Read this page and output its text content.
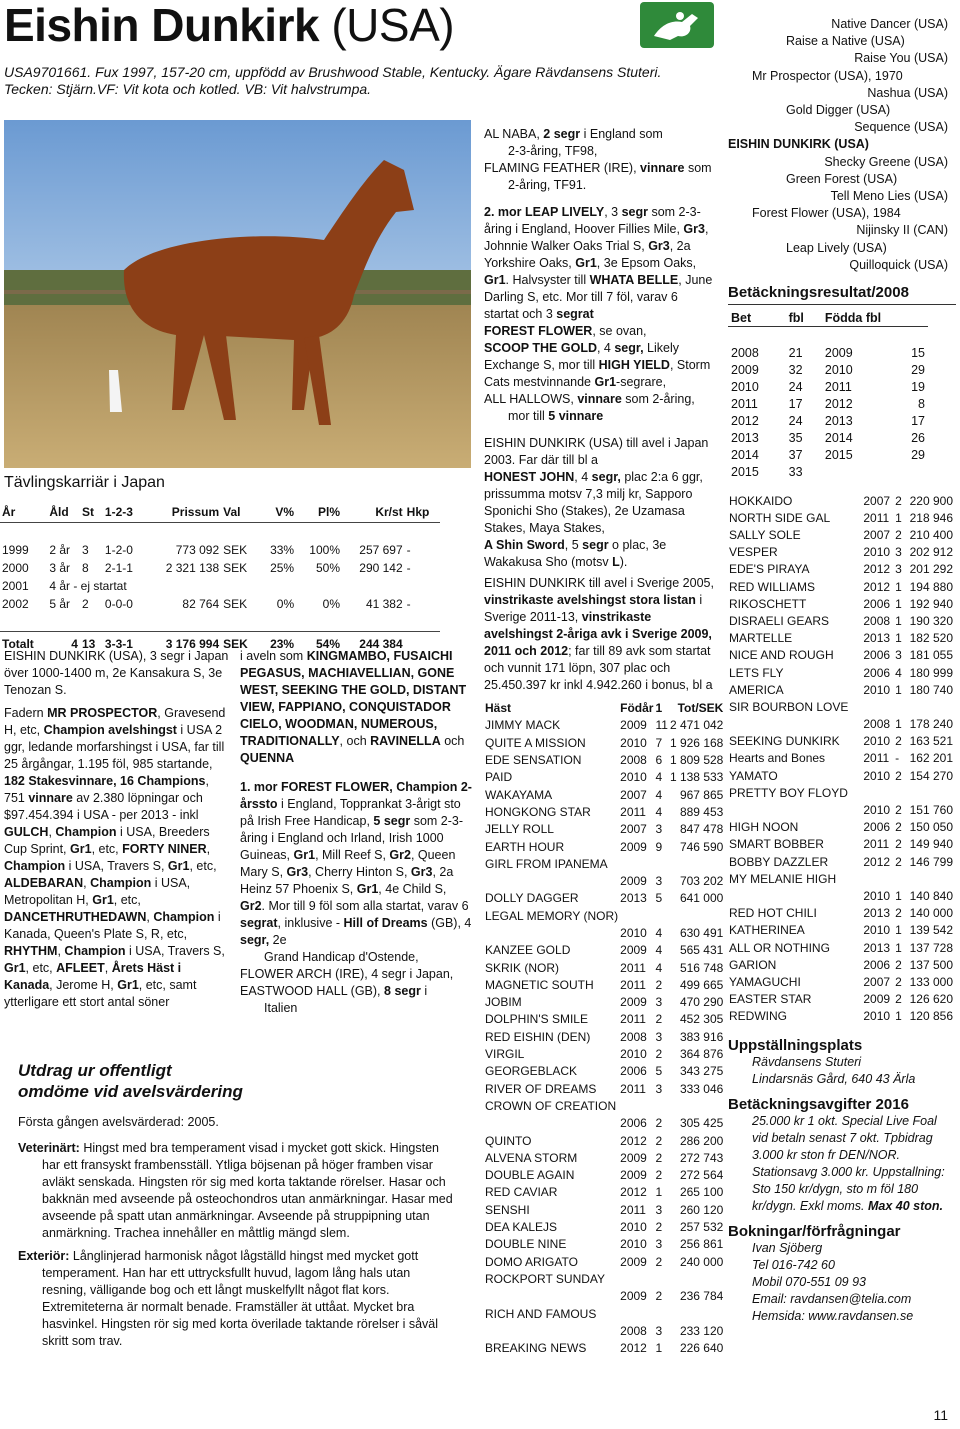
Eishin Dunkirk (USA)
USA9701661. Fux 1997, 157-20 cm, uppfödd av Brushwood Stable, Kentucky. Ägare Rävdansens Stuteri.
Tecken: Stjärn.VF: Vit kota och kotled. VB: Vit halvstrumpa.
Tävlingskarriär i Japan
År	Åld	St	1-2-3	Prissum	Val	V%	Pl%	Kr/st	Hkp

1999	2 år	3	1-2-0	773 092	SEK	33%	100%	257 697	-
2000	3 år	8	2-1-1	2 321 138	SEK	25%	50%	290 142	-
2001	4 år - ej startat								
2002	5 år	2	0-0-0	82 764	SEK	0%	0%	41 382	-

Totalt	4	13	3-3-1	3 176 994	SEK	23%	54%	244 384	
EISHIN DUNKIRK (USA), 3 segr i Japan över 1000-1400 m, 2e Kansakura S, 3e Tenozan S.
Fadern MR PROSPECTOR, Gravesend H, etc, Champion avelshingst i USA 2 ggr, ledande morfarshingst i USA, far till 25 årgångar, 1.195 föl, 985 startande, 182 Stakesvinnare, 16 Champions, 751 vinnare av 2.380 löpningar och $97.454.394 i USA - per 2013 - inkl GULCH, Champion i USA, Breeders Cup Sprint, Gr1, etc, FORTY NINER, Champion i USA, Travers S, Gr1, etc, ALDEBARAN, Champion i USA, Metropolitan H, Gr1, etc, DANCETHRUTHEDAWN, Champion i Kanada, Queen's Plate S, R, etc, RHYTHM, Champion i USA, Travers S, Gr1, etc, AFLEET, Årets Häst i Kanada, Jerome H, Gr1, etc, samt ytterligare ett stort antal söner
i aveln som KINGMAMBO, FUSAICHI PEGASUS, MACHIAVELLIAN, GONE WEST, SEEKING THE GOLD, DISTANT VIEW, FAPPIANO, CONQUISTADOR CIELO, WOODMAN, NUMEROUS, TRADITIONALLY, och RAVINELLA och QUENNA
1. mor FOREST FLOWER, Champion 2-årssto i England, Topprankat 3-årigt sto på Irish Free Handicap, 5 segr som 2-3-åring i England och Irland, Irish 1000 Guineas, Gr1, Mill Reef S, Gr2, Queen Mary S, Gr3, Cherry Hinton S, Gr3, 2a Heinz 57 Phoenix S, Gr1, 4e Child S, Gr2. Mor till 9 föl som alla startat, varav 6 segrat, inklusive - Hill of Dreams (GB), 4 segr, 2e
Grand Handicap d'Ostende,
FLOWER ARCH (IRE), 4 segr i Japan,
EASTWOOD HALL (GB), 8 segr i
Italien
AL NABA, 2 segr i England som
2-3-åring, TF98,
FLAMING FEATHER (IRE), vinnare som
2-åring, TF91.
2. mor LEAP LIVELY, 3 segr som 2-3-åring i England, Hoover Fillies Mile, Gr3, Johnnie Walker Oaks Trial S, Gr3, 2a Yorkshire Oaks, Gr1, 3e Epsom Oaks, Gr1. Halvsyster till WHATA BELLE, June Darling S, etc. Mor till 7 föl, varav 6 startat och 3 segrat
FOREST FLOWER, se ovan,
SCOOP THE GOLD, 4 segr, Likely Exchange S, mor till HIGH YIELD, Storm Cats mestvinnande Gr1-segrare,
ALL HALLOWS, vinnare som 2-åring,
mor till 5 vinnare
EISHIN DUNKIRK (USA) till avel i Japan 2003. Far där till bl a
HONEST JOHN, 4 segr, plac 2:a 6 ggr, prissumma motsv 7,3 milj kr, Sapporo Sponichi Sho (Stakes), 2e Uzamasa Stakes, Maya Stakes,
A Shin Sword, 5 segr o plac, 3e Wakakusa Sho (motsv L).
EISHIN DUNKIRK till avel i Sverige 2005, vinstrikaste avelshingst stora listan i Sverige 2011-13, vinstrikaste avelshingst 2-åriga avk i Sverige 2009, 2011 och 2012; far till 89 avk som startat och vunnit 171 löpn, 307 plac och 25.450.397 kr inkl 4.942.260 i bonus, bl a
Häst	Födår	1	Tot/SEK
JIMMY MACK	2009	11	2 471 042
QUITE A MISSION	2010	7	1 926 168
EDE SENSATION	2008	6	1 809 528
PAID	2010	4	1 138 533
WAKAYAMA	2007	4	967 865
HONGKONG STAR	2011	4	889 453
JELLY ROLL	2007	3	847 478
EARTH HOUR	2009	9	746 590
GIRL FROM IPANEMA			
	2009	3	703 202
DOLLY DAGGER	2013	5	641 000
LEGAL MEMORY (NOR)			
	2010	4	630 491
KANZEE GOLD	2009	4	565 431
SKRIK (NOR)	2011	4	516 748
MAGNETIC SOUTH	2011	2	499 665
JOBIM	2009	3	470 290
DOLPHIN'S SMILE	2011	2	452 305
RED EISHIN (DEN)	2008	3	383 916
VIRGIL	2010	2	364 876
GEORGEBLACK	2006	5	343 275
RIVER OF DREAMS	2011	3	333 046
CROWN OF CREATION			
	2006	2	305 425
QUINTO	2012	2	286 200
ALVENA STORM	2009	2	272 743
DOUBLE AGAIN	2009	2	272 564
RED CAVIAR	2012	1	265 100
SENSHI	2011	3	260 120
DEA KALEJS	2010	2	257 532
DOUBLE NINE	2010	3	256 861
DOMO ARIGATO	2009	2	240 000
ROCKPORT SUNDAY			
	2009	2	236 784
RICH AND FAMOUS			
	2008	3	233 120
BREAKING NEWS	2012	1	226 640
Native Dancer (USA)
Raise a Native (USA)
Raise You (USA)
Mr Prospector (USA), 1970
Nashua (USA)
Gold Digger (USA)
Sequence (USA)
EISHIN DUNKIRK (USA)
Shecky Greene (USA)
Green Forest (USA)
Tell Meno Lies (USA)
Forest Flower (USA), 1984
Nijinsky II (CAN)
Leap Lively (USA)
Quilloquick (USA)
Betäckningsresultat/2008
Bet	fbl	Födda fbl	

2008	21	2009	15
2009	32	2010	29
2010	24	2011	19
2011	17	2012	8
2012	24	2013	17
2013	35	2014	26
2014	37	2015	29
2015	33		
HOKKAIDO	2007	2	220 900
NORTH SIDE GAL	2011	1	218 946
SALLY SOLE	2007	2	210 400
VESPER	2010	3	202 912
EDE'S PIRAYA	2012	3	201 292
RED WILLIAMS	2012	1	194 880
RIKOSCHETT	2006	1	192 940
DISRAELI GEARS	2008	1	190 320
MARTELLE	2013	1	182 520
NICE AND ROUGH	2006	3	181 055
LETS FLY	2006	4	180 999
AMERICA	2010	1	180 740
SIR BOURBON LOVE			
	2008	1	178 240
SEEKING DUNKIRK	2010	2	163 521
Hearts and Bones	2011	-	162 201
YAMATO	2010	2	154 270
PRETTY BOY FLOYD			
	2010	2	151 760
HIGH NOON	2006	2	150 050
SMART BOBBER	2011	2	149 940
BOBBY DAZZLER	2012	2	146 799
MY MELANIE HIGH			
	2010	1	140 840
RED HOT CHILI	2013	2	140 000
KATHERINEA	2010	1	139 542
ALL OR NOTHING	2013	1	137 728
GARION	2006	2	137 500
YAMAGUCHI	2007	2	133 000
EASTER STAR	2009	2	126 620
REDWING	2010	1	120 856
Uppställningsplats
Rävdansens Stuteri
Lindarsnäs Gård, 640 43 Ärla
Betäckningsavgifter 2016
25.000 kr 1 okt. Special Live Foal vid betaln senast 7 okt. Tpbidrag 3.000 kr ston fr DEN/NOR. Stationsavg 3.000 kr. Uppstallning: Sto 150 kr/dygn, sto m föl 180 kr/dygn. Exkl moms. Max 40 ston.
Bokningar/förfrågningar
Ivan Sjöberg
Tel 016-742 60
Mobil 070-551 09 93
Email: ravdansen@telia.com
Hemsida: www.ravdansen.se
Utdrag ur offentligt
omdöme vid avelsvärdering
Första gången avelsvärderad: 2005.

Veterinärt: Hingst med bra temperament visad i mycket gott skick. Hingsten har ett fransyskt frambensställ. Ytliga böjsenan på höger framben visar avläkt senskada. Hingsten rör sig med korta taktande rörelser. Hasar och bakknän med avseende på osteochondros utan anmärkningar. Hasar med avseende på spatt utan anmärkningar. Avseende på struppipning utan anmärkning. Trachea innehåller en måttlig mängd slem.

Exteriör: Långlinjerad harmonisk något lågställd hingst med mycket gott temperament. Han har ett uttrycksfullt huvud, lagom lång hals utan resning, välligande bog och ett långt muskelfyllt något flat kors. Extremiteterna är normalt benade. Framställer ät uttåat. Mycket bra hasvinkel. Hingsten rör sig med korta överilade taktande rörelser i såväl skritt som trav.

11
